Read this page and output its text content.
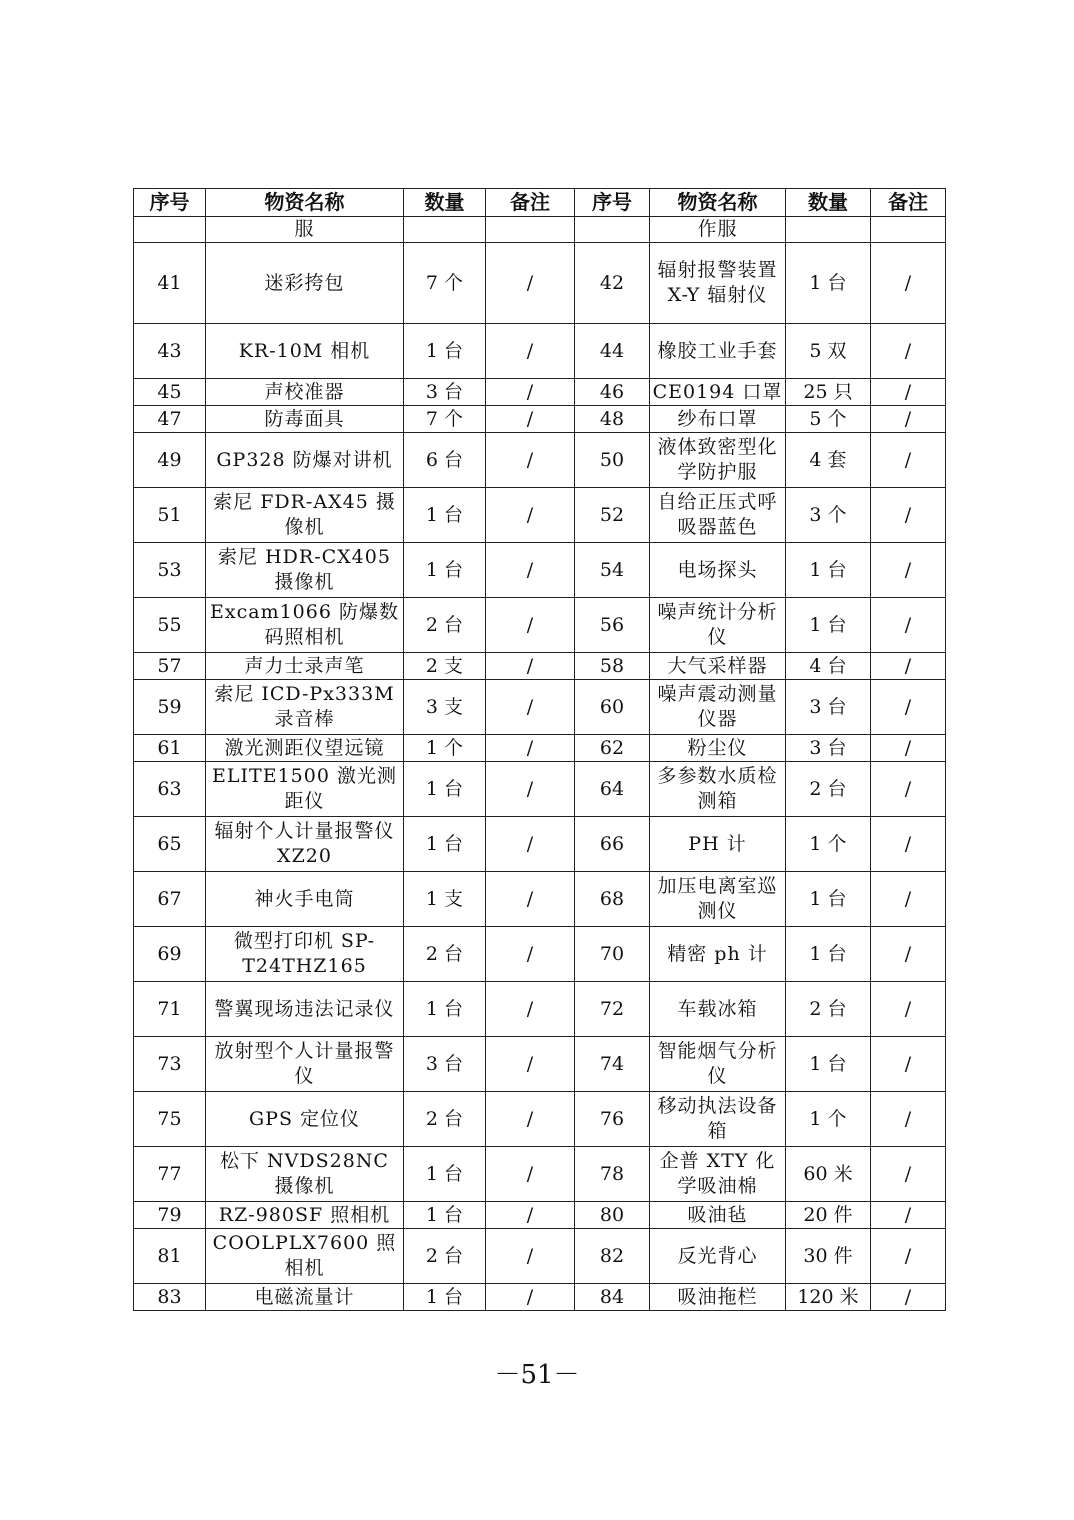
序号	物资名称	数量	备注	序号	物资名称	数量	备注
	服				作服		
41	迷彩挎包	7 个	/	42	辐射报警装置 X-Y 辐射仪	1 台	/
43	KR-10M 相机	1 台	/	44	橡胶工业手套	5 双	/
45	声校准器	3 台	/	46	CE0194 口罩	25 只	/
47	防毒面具	7 个	/	48	纱布口罩	5 个	/
49	GP328 防爆对讲机	6 台	/	50	液体致密型化学防护服	4 套	/
51	索尼 FDR-AX45 摄像机	1 台	/	52	自给正压式呼吸器蓝色	3 个	/
53	索尼 HDR-CX405 摄像机	1 台	/	54	电场探头	1 台	/
55	Excam1066 防爆数码照相机	2 台	/	56	噪声统计分析仪	1 台	/
57	声力士录声笔	2 支	/	58	大气采样器	4 台	/
59	索尼 ICD-Px333M 录音棒	3 支	/	60	噪声震动测量仪器	3 台	/
61	激光测距仪望远镜	1 个	/	62	粉尘仪	3 台	/
63	ELITE1500 激光测距仪	1 台	/	64	多参数水质检测箱	2 台	/
65	辐射个人计量报警仪 XZ20	1 台	/	66	PH 计	1 个	/
67	神火手电筒	1 支	/	68	加压电离室巡测仪	1 台	/
69	微型打印机 SP-T24THZ165	2 台	/	70	精密 ph 计	1 台	/
71	警翼现场违法记录仪	1 台	/	72	车载冰箱	2 台	/
73	放射型个人计量报警仪	3 台	/	74	智能烟气分析仪	1 台	/
75	GPS 定位仪	2 台	/	76	移动执法设备箱	1 个	/
77	松下 NVDS28NC 摄像机	1 台	/	78	企普 XTY 化学吸油棉	60 米	/
79	RZ-980SF 照相机	1 台	/	80	吸油毡	20 件	/
81	COOLPLX7600 照相机	2 台	/	82	反光背心	30 件	/
83	电磁流量计	1 台	/	84	吸油拖栏	120 米	/
－51－
